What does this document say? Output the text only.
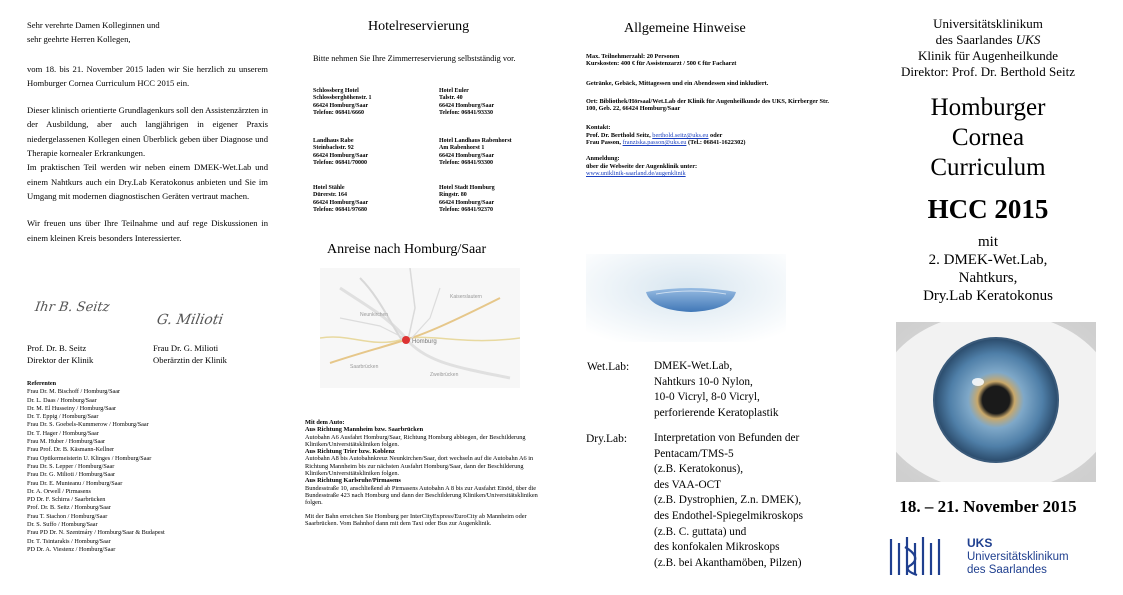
Sehr verehrte Damen Kolleginnen und

sehr geehrte Herren Kollegen,

vom 18. bis 21. November 2015 laden wir Sie herzlich zu unserem Homburger Cornea Curriculum HCC 2015 ein.

Dieser klinisch orientierte Grundlagenkurs soll den Assistenzärzten in der Ausbildung, aber auch langjährigen in eigener Praxis niedergelassenen Kollegen einen Überblick geben über Diagnose und Therapie kornealer Erkrankungen.

Im praktischen Teil werden wir neben einem DMEK-Wet.Lab und einem Nahtkurs auch ein Dry.Lab Keratokonus anbieten und Sie im Umgang mit modernen diagnostischen Geräten vertraut machen.

Wir freuen uns über Ihre Teilnahme und auf rege Diskussionen in einem kleinen Kreis besonders Interessierter.

Ihr B. Seitz
G. Milioti
Prof. Dr. B. Seitz
Direktor der Klinik
Frau Dr. G. Milioti
Oberärztin der Klinik
Referenten
Frau Dr. M. Bischoff / Homburg/Saar
Dr. L. Daas / Homburg/Saar
Dr. M. El Husseiny / Homburg/Saar
Dr. T. Eppig / Homburg/Saar
Frau Dr. S. Goebels-Kummerow / Homburg/Saar
Dr. T. Hager / Homburg/Saar
Frau M. Huber / Homburg/Saar
Frau Prof. Dr. B. Käsmann-Kellner
Frau Optikermeisterin U. Klinges / Homburg/Saar
Frau Dr. S. Lepper / Homburg/Saar
Frau Dr. G. Milioti / Homburg/Saar
Frau Dr. E. Munteanu / Homburg/Saar
Dr. A. Orwell / Pirmasens
PD Dr. F. Schirra / Saarbrücken
Prof. Dr. B. Seitz / Homburg/Saar
Frau T. Stachon / Homburg/Saar
Dr. S. Suffo / Homburg/Saar
Frau PD Dr. N. Szentmáry / Homburg/Saar & Budapest
Dr. T. Tsintarakis / Homburg/Saar
PD Dr. A. Viestenz / Homburg/Saar
Hotelreservierung
Bitte nehmen Sie Ihre Zimmerreservierung selbstständig vor.
Schlossberg Hotel
Schlossberghöhenstr. 1
66424 Homburg/Saar
Telefon: 06841/6660
Hotel Euler
Talstr. 40
66424 Homburg/Saar
Telefon: 06841/93330
Landhaus Rabe
Steinbachstr. 92
66424 Homburg/Saar
Telefon: 06841/70000
Hotel Landhaus Rabenhorst
Am Rabenhorst 1
66424 Homburg/Saar
Telefon: 06841/93300
Hotel Stähle
Dürerstr. 164
66424 Homburg/Saar
Telefon: 06841/97680
Hotel Stadt Homburg
Ringstr. 80
66424 Homburg/Saar
Telefon: 06841/92370
Anreise nach Homburg/Saar
Homburg
Saarbrücken
Kaiserslautern
Neunkirchen
Zweibrücken
Mit dem Auto:
Aus Richtung Mannheim bzw. Saarbrücken
Autobahn A6 Ausfahrt Homburg/Saar, Richtung Homburg abbiegen, der Beschilderung Kliniken/Universitätskliniken folgen.
Aus Richtung Trier bzw. Koblenz
Autobahn A8 bis Autobahnkreuz Neunkirchen/Saar, dort wechseln auf die Autobahn A6 in Richtung Mannheim bis zur nächsten Ausfahrt Homburg/Saar, dann der Beschilderung Kliniken/Universitätskliniken folgen.
Aus Richtung Karlsruhe/Pirmasens
Bundesstraße 10, anschließend ab Pirmasens Autobahn A 8 bis zur Ausfahrt Einöd, über die Bundesstraße 423 nach Homburg und dann der Beschilderung Kliniken/Universitätskliniken folgen.
Mit der Bahn erreichen Sie Homburg per InterCityExpress/EuroCity ab Mannheim oder Saarbrücken. Vom Bahnhof dann mit dem Taxi oder Bus zur Augenklinik.
Allgemeine Hinweise
Max. Teilnehmerzahl: 20 Personen
Kurskosten: 400 € für Assistenzarzt / 500 € für Facharzt
Getränke, Gebäck, Mittagessen und ein Abendessen sind inkludiert.
Ort: Bibliothek/Hörsaal/Wet.Lab der Klinik für Augenheilkunde des UKS, Kirrberger Str. 100, Geb. 22, 66424 Homburg/Saar
Kontakt:
Prof. Dr. Berthold Seitz, berthold.seitz@uks.eu oder
Frau Passon, franziska.passon@uks.eu (Tel.: 06841-1622302)
Anmeldung:
über die Webseite der Augenklinik unter:
www.uniklinik-saarland.de/augenklinik
Wet.Lab: DMEK-Wet.Lab,
Nahtkurs 10-0 Nylon,
10-0 Vicryl, 8-0 Vicryl,
perforierende Keratoplastik
Dry.Lab: Interpretation von Befunden der
Pentacam/TMS-5
(z.B. Keratokonus),
des VAA-OCT
(z.B. Dystrophien, Z.n. DMEK),
des Endothel-Spiegelmikroskops
(z.B. C. guttata) und
des konfokalen Mikroskops
(z.B. bei Akanthamöben, Pilzen)
Universitätsklinikum
des Saarlandes UKS
Klinik für Augenheilkunde
Direktor: Prof. Dr. Berthold Seitz
Homburger
Cornea
Curriculum
HCC 2015
mit
2. DMEK-Wet.Lab,
Nahtkurs,
Dry.Lab Keratokonus
18. – 21. November 2015
UKS
Universitätsklinikum
des Saarlandes
